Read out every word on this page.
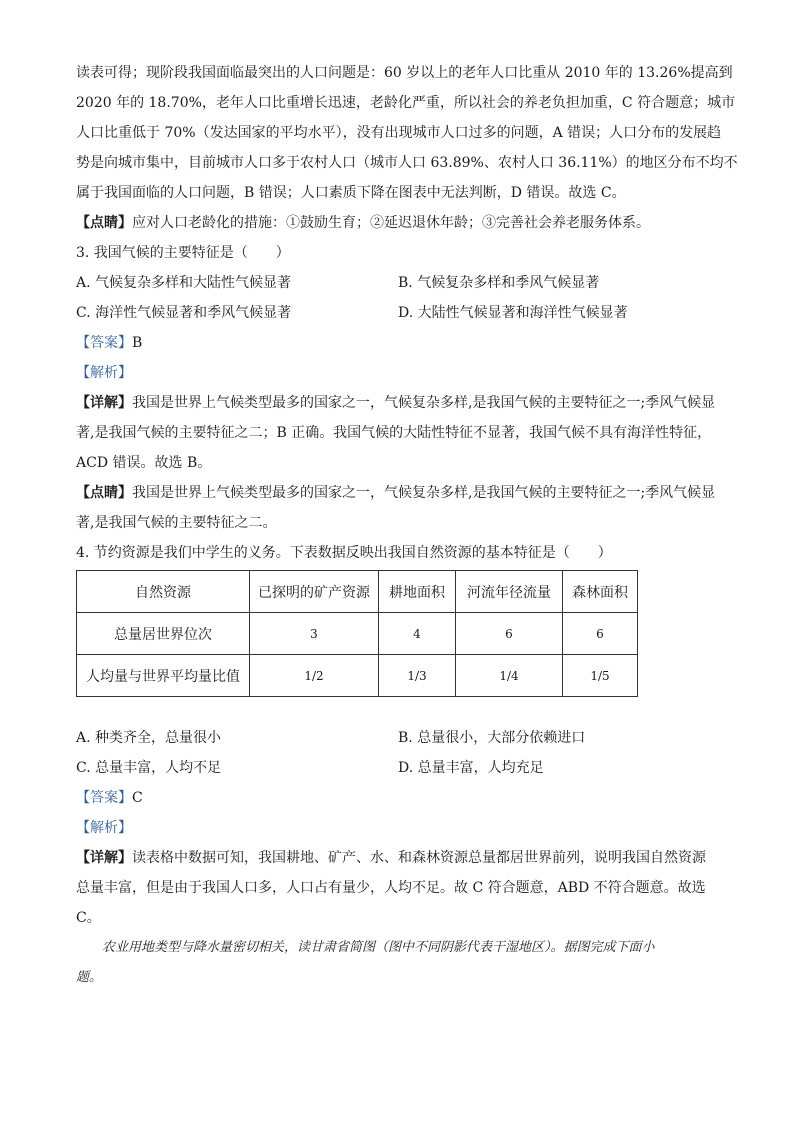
读表可得；现阶段我国面临最突出的人口问题是：60 岁以上的老年人口比重从 2010 年的 13.26%提高到
2020 年的 18.70%，老年人口比重增长迅速，老龄化严重，所以社会的养老负担加重，C 符合题意；城市
人口比重低于 70%（发达国家的平均水平），没有出现城市人口过多的问题，A 错误；人口分布的发展趋
势是向城市集中，目前城市人口多于农村人口（城市人口 63.89%、农村人口 36.11%）的地区分布不均不
属于我国面临的人口问题，B 错误；人口素质下降在图表中无法判断，D 错误。故选 C。
【点睛】应对人口老龄化的措施：①鼓励生育；②延迟退休年龄；③完善社会养老服务体系。
3. 我国气候的主要特征是（　　）
A. 气候复杂多样和大陆性气候显著	B. 气候复杂多样和季风气候显著
C. 海洋性气候显著和季风气候显著	D. 大陆性气候显著和海洋性气候显著
【答案】B
【解析】
【详解】我国是世界上气候类型最多的国家之一，气候复杂多样,是我国气候的主要特征之一;季风气候显
著,是我国气候的主要特征之二；B 正确。我国气候的大陆性特征不显著，我国气候不具有海洋性特征，
ACD 错误。故选 B。
【点睛】我国是世界上气候类型最多的国家之一，气候复杂多样,是我国气候的主要特征之一;季风气候显
著,是我国气候的主要特征之二。
4. 节约资源是我们中学生的义务。下表数据反映出我国自然资源的基本特征是（　　）
自然资源	已探明的矿产资源	耕地面积	河流年径流量	森林面积
总量居世界位次	3	4	6	6
人均量与世界平均量比值	1/2	1/3	1/4	1/5
A. 种类齐全，总量很小	B. 总量很小，大部分依赖进口
C. 总量丰富，人均不足	D. 总量丰富，人均充足
【答案】C
【解析】
【详解】读表格中数据可知，我国耕地、矿产、水、和森林资源总量都居世界前列，说明我国自然资源
总量丰富，但是由于我国人口多，人口占有量少，人均不足。故 C 符合题意，ABD 不符合题意。故选
C。
农业用地类型与降水量密切相关，读甘肃省简图（图中不同阴影代表干湿地区）。据图完成下面小
题。
